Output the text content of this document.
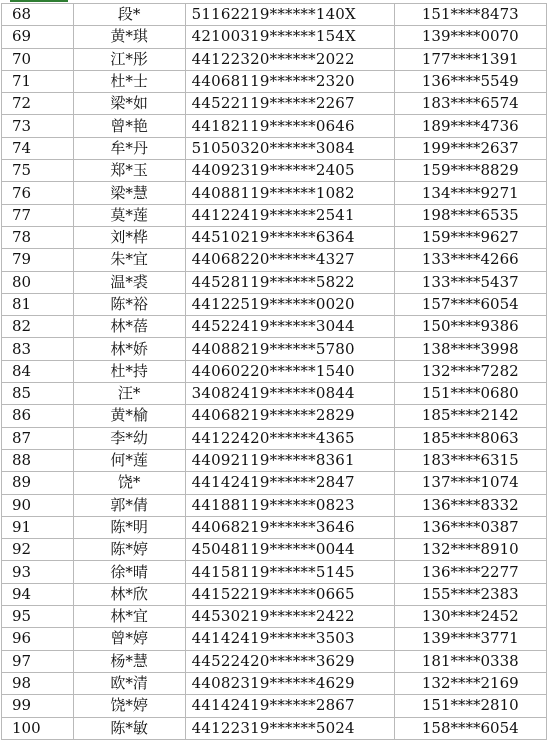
68	段*	51162219******140X	151****8473
69	黄*琪	42100319******154X	139****0070
70	江*彤	44122320******2022	177****1391
71	杜*士	44068119******2320	136****5549
72	梁*如	44522119******2267	183****6574
73	曾*艳	44182119******0646	189****4736
74	牟*丹	51050320******3084	199****2637
75	郑*玉	44092319******2405	159****8829
76	梁*慧	44088119******1082	134****9271
77	莫*莲	44122419******2541	198****6535
78	刘*桦	44510219******6364	159****9627
79	朱*宜	44068220******4327	133****4266
80	温*裘	44528119******5822	133****5437
81	陈*裕	44122519******0020	157****6054
82	林*蓓	44522419******3044	150****9386
83	林*娇	44088219******5780	138****3998
84	杜*持	44060220******1540	132****7282
85	汪*	34082419******0844	151****0680
86	黄*榆	44068219******2829	185****2142
87	李*幼	44122420******4365	185****8063
88	何*莲	44092119******8361	183****6315
89	饶*	44142419******2847	137****1074
90	郭*倩	44188119******0823	136****8332
91	陈*明	44068219******3646	136****0387
92	陈*婷	45048119******0044	132****8910
93	徐*晴	44158119******5145	136****2277
94	林*欣	44152219******0665	155****2383
95	林*宜	44530219******2422	130****2452
96	曾*婷	44142419******3503	139****3771
97	杨*慧	44522420******3629	181****0338
98	欧*清	44082319******4629	132****2169
99	饶*婷	44142419******2867	151****2810
100	陈*敏	44122319******5024	158****6054
